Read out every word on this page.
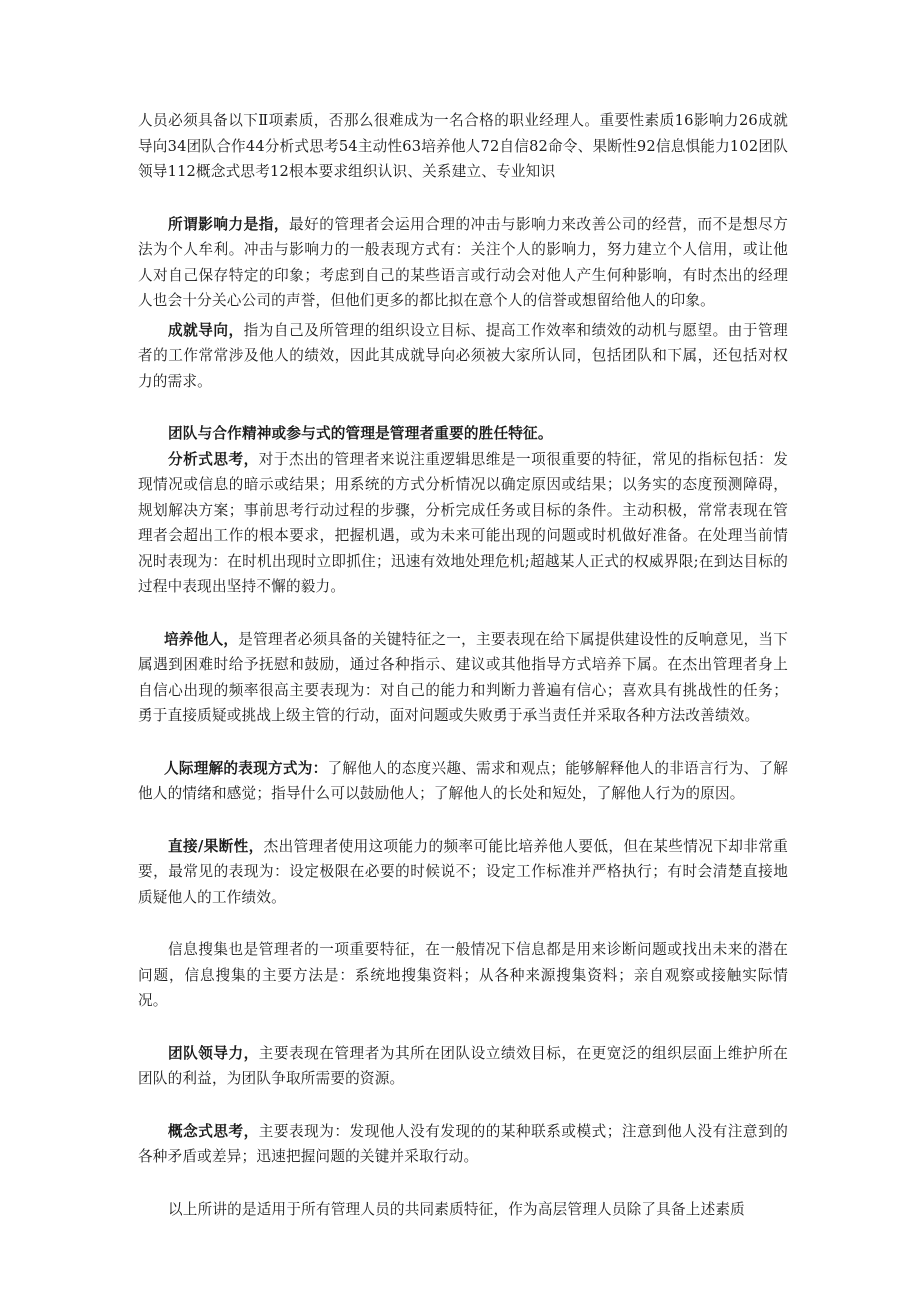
人员必须具备以下Ⅱ项素质，否那么很难成为一名合格的职业经理人。重要性素质16影响力26成就导向34团队合作44分析式思考54主动性63培养他人72自信82命令、果断性92信息惧能力102团队领导112概念式思考12根本要求组织认识、关系建立、专业知识

所谓影响力是指，最好的管理者会运用合理的冲击与影响力来改善公司的经营，而不是想尽方法为个人牟利。冲击与影响力的一般表现方式有：关注个人的影响力，努力建立个人信用，或让他人对自己保存特定的印象；考虑到自己的某些语言或行动会对他人产生何种影响，有时杰出的经理人也会十分关心公司的声誉，但他们更多的都比拟在意个人的信誉或想留给他人的印象。

成就导向，指为自己及所管理的组织设立目标、提高工作效率和绩效的动机与愿望。由于管理者的工作常常涉及他人的绩效，因此其成就导向必须被大家所认同，包括团队和下属，还包括对权力的需求。

团队与合作精神或参与式的管理是管理者重要的胜任特征。

分析式思考，对于杰出的管理者来说注重逻辑思维是一项很重要的特征，常见的指标包括：发现情况或信息的暗示或结果；用系统的方式分析情况以确定原因或结果；以务实的态度预测障碍，规划解决方案；事前思考行动过程的步骤，分析完成任务或目标的条件。主动积极，常常表现在管理者会超出工作的根本要求，把握机遇，或为未来可能出现的问题或时机做好准备。在处理当前情况时表现为：在时机出现时立即抓住；迅速有效地处理危机;超越某人正式的权威界限;在到达目标的过程中表现出坚持不懈的毅力。

培养他人，是管理者必须具备的关键特征之一，主要表现在给下属提供建设性的反响意见，当下属遇到困难时给予抚慰和鼓励，通过各种指示、建议或其他指导方式培养下属。在杰出管理者身上自信心出现的频率很高主要表现为：对自己的能力和判断力普遍有信心；喜欢具有挑战性的任务；勇于直接质疑或挑战上级主管的行动，面对问题或失败勇于承当责任并采取各种方法改善绩效。

人际理解的表现方式为：了解他人的态度兴趣、需求和观点；能够解释他人的非语言行为、了解他人的情绪和感觉；指导什么可以鼓励他人；了解他人的长处和短处，了解他人行为的原因。

直接/果断性，杰出管理者使用这项能力的频率可能比培养他人要低，但在某些情况下却非常重要，最常见的表现为：设定极限在必要的时候说不；设定工作标准并严格执行；有时会清楚直接地质疑他人的工作绩效。

信息搜集也是管理者的一项重要特征，在一般情况下信息都是用来诊断问题或找出未来的潜在问题，信息搜集的主要方法是：系统地搜集资料；从各种来源搜集资料；亲自观察或接触实际情况。

团队领导力，主要表现在管理者为其所在团队设立绩效目标，在更宽泛的组织层面上维护所在团队的利益，为团队争取所需要的资源。

概念式思考，主要表现为：发现他人没有发现的的某种联系或模式；注意到他人没有注意到的各种矛盾或差异；迅速把握问题的关键并采取行动。

以上所讲的是适用于所有管理人员的共同素质特征，作为高层管理人员除了具备上述素质
